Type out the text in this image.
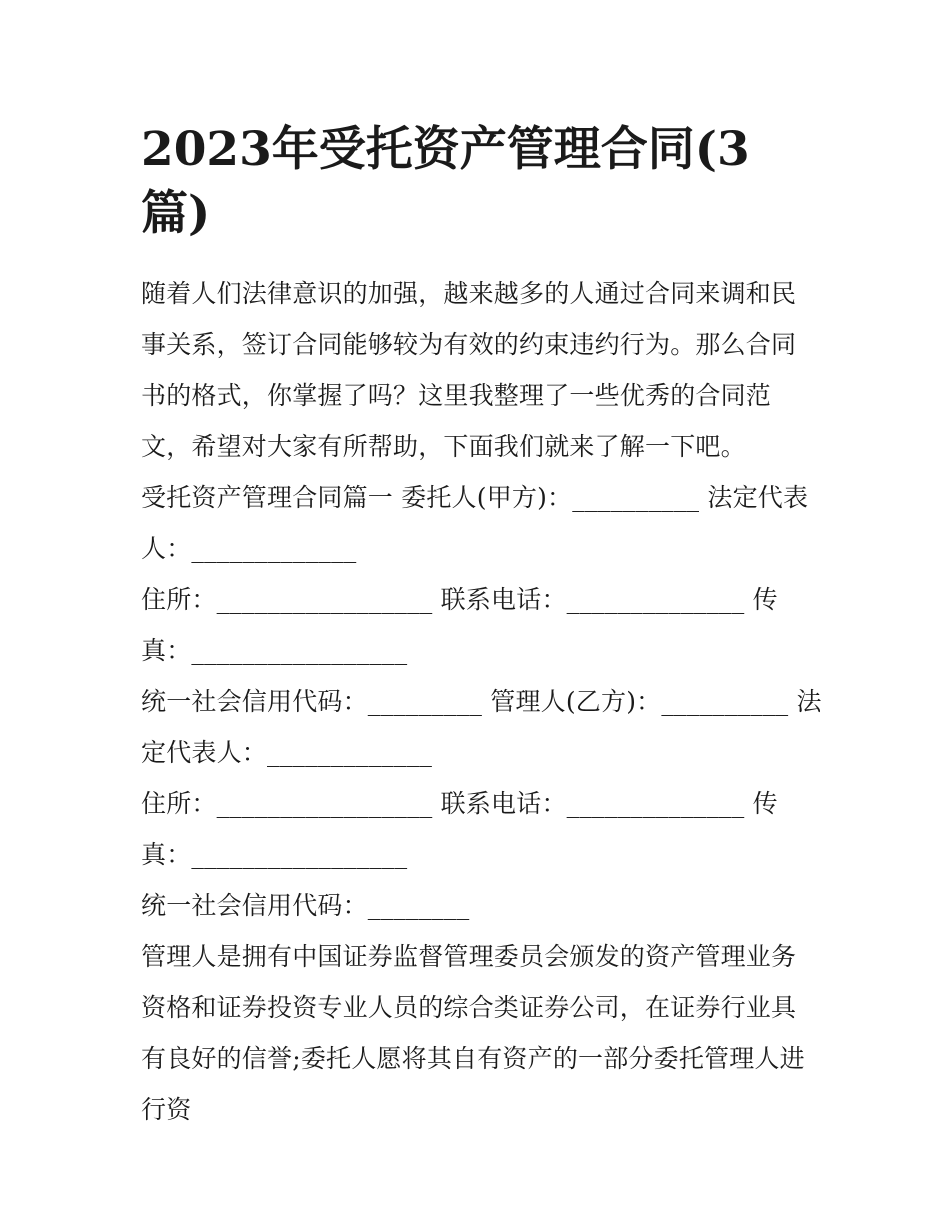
2023年受托资产管理合同(3篇)

随着人们法律意识的加强，越来越多的人通过合同来调和民事关系，签订合同能够较为有效的约束违约行为。那么合同书的格式，你掌握了吗？这里我整理了一些优秀的合同范文，希望对大家有所帮助，下面我们就来了解一下吧。

受托资产管理合同篇一 委托人(甲方)：__________ 法定代表

人：_____________

住所：_________________ 联系电话：______________ 传

真：_________________

统一社会信用代码：_________ 管理人(乙方)：__________ 法

定代表人：_____________

住所：_________________ 联系电话：______________ 传

真：_________________

统一社会信用代码：________

管理人是拥有中国证券监督管理委员会颁发的资产管理业务资格和证券投资专业人员的综合类证券公司，在证券行业具有良好的信誉;委托人愿将其自有资产的一部分委托管理人进行资
